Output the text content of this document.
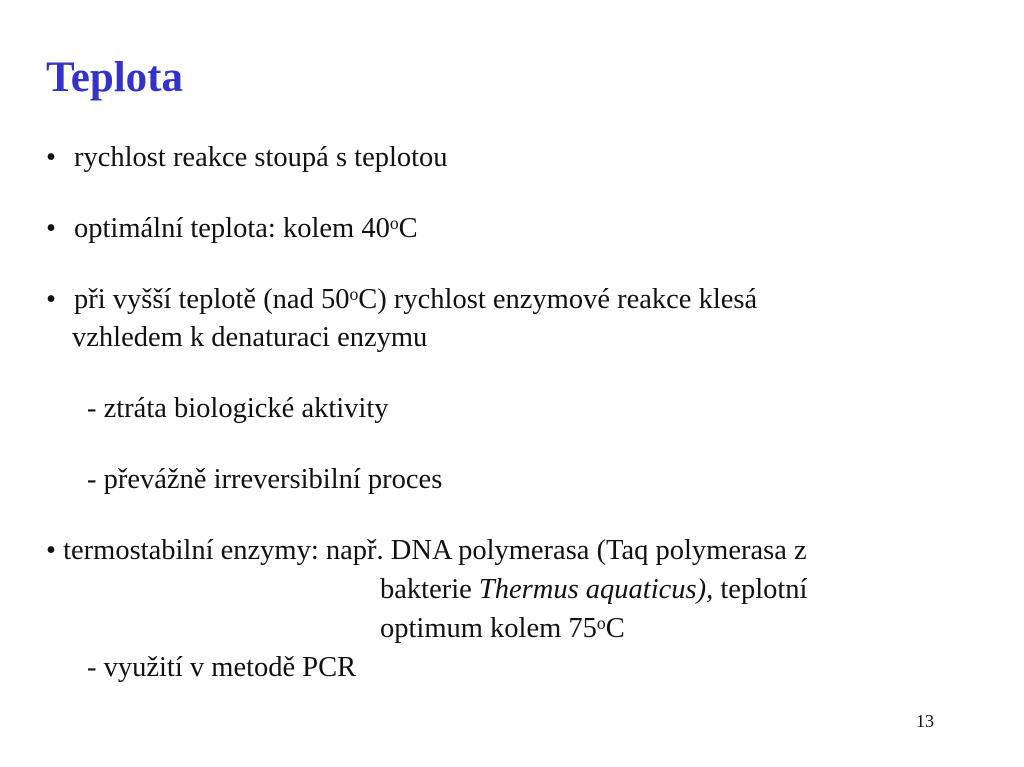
Teplota
• rychlost reakce stoupá s teplotou
• optimální teplota: kolem 40$^o$C
• při vyšší teplotě (nad 50$^o$C) rychlost enzymové reakce klesá
vzhledem k denaturaci enzymu
- ztráta biologické aktivity
- převážně irreversibilní proces
• termostabilní enzymy: např. DNA polymerasa (Taq polymerasa z
bakterie Thermus aquaticus), teplotní
optimum kolem 75$^o$C
- využití v metodě PCR
13
